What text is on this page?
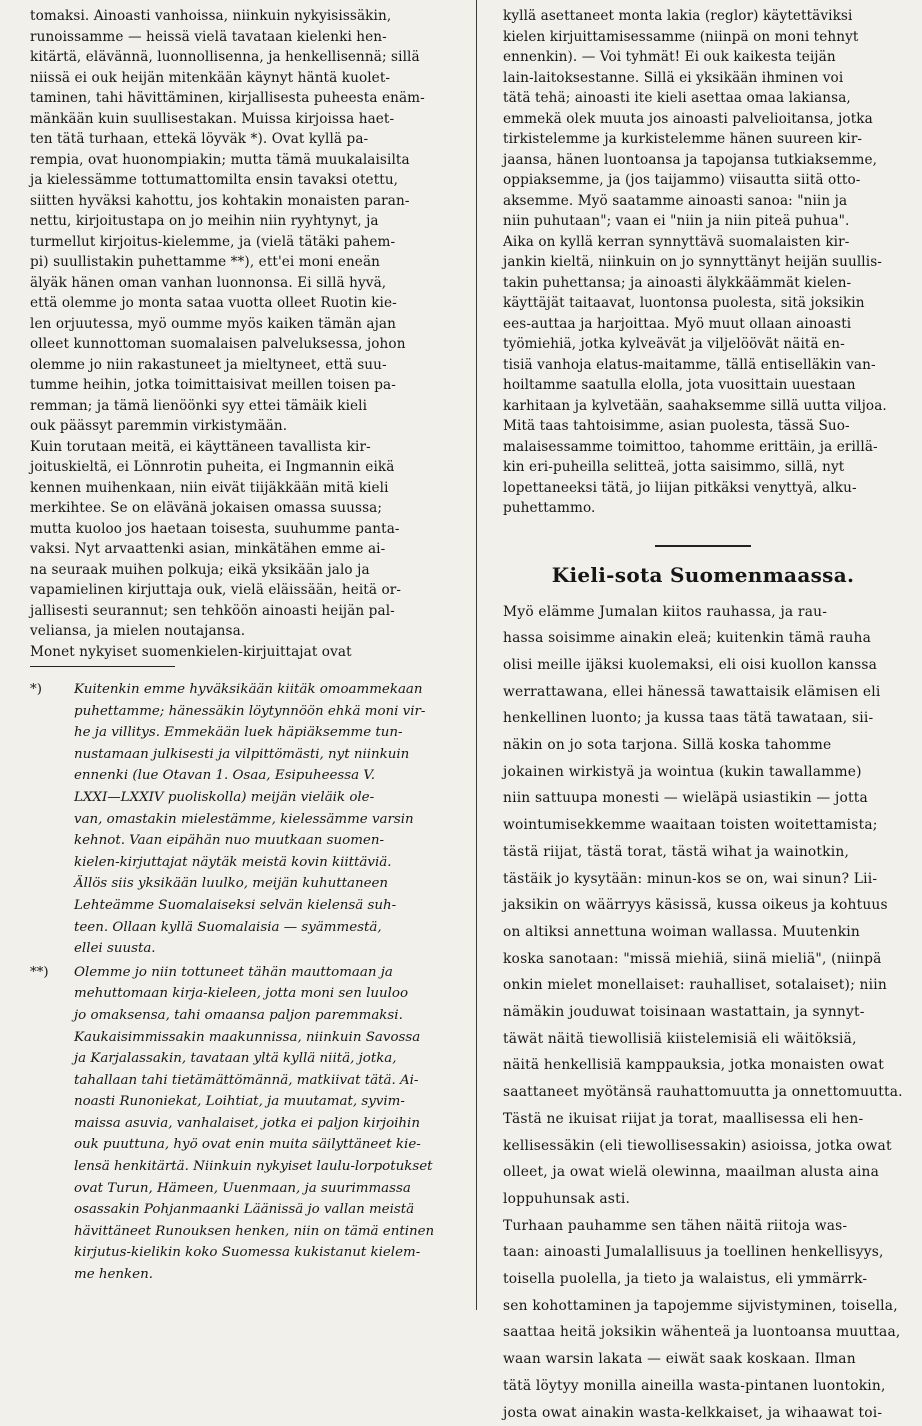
tomaksi. Ainoasti vanhoissa, niinkuin nykyisissäkin,
runoissamme — heissä vielä tavataan kielenki hen-
kitärtä, elävännä, luonnollisenna, ja henkellisennä; sillä
niissä ei ouk heijän mitenkään käynyt häntä kuolet-
taminen, tahi hävittäminen, kirjallisesta puheesta enäm-
mänkään kuin suullisestakan. Muissa kirjoissa haet-
ten tätä turhaan, ettekä löyväk *). Ovat kyllä pa-
rempia, ovat huonompiakin; mutta tämä muukalaisilta
ja kielessämme tottumattomilta ensin tavaksi otettu,
siitten hyväksi kahottu, jos kohtakin monaisten paran-
nettu, kirjoitustapa on jo meihin niin ryyhtynyt, ja
turmellut kirjoitus-kielemme, ja (vielä tätäki pahem-
pi) suullistakin puhettamme **), ett'ei moni eneän
älyäk hänen oman vanhan luonnonsa. Ei sillä hyvä,
että olemme jo monta sataa vuotta olleet Ruotin kie-
len orjuutessa, myö oumme myös kaiken tämän ajan
olleet kunnottoman suomalaisen palveluksessa, johon
olemme jo niin rakastuneet ja mieltyneet, että suu-
tumme heihin, jotka toimittaisivat meillen toisen pa-
remman; ja tämä lienöönki syy ettei tämäik kieli
ouk päässyt paremmin virkistymään.
Kuin torutaan meitä, ei käyttäneen tavallista kir-
joituskieltä, ei Lönnrotin puheita, ei Ingmannin eikä
kennen muihenkaan, niin eivät tiijäkkään mitä kieli
merkihtee. Se on elävänä jokaisen omassa suussa;
mutta kuoloo jos haetaan toisesta, suuhumme panta-
vaksi. Nyt arvaattenki asian, minkätähen emme ai-
na seuraak muihen polkuja; eikä yksikään jalo ja
vapamielinen kirjuttaja ouk, vielä eläissään, heitä or-
jallisesti seurannut; sen tehköön ainoasti heijän pal-
veliansa, ja mielen noutajansa.
Monet nykyiset suomenkielen-kirjuittajat ovat

*)	Kuitenkin emme hyväksikään kiitäk omoammekaan
puhettamme; hänessäkin löytynnöön ehkä moni vir-
he ja villitys. Emmekään luek häpiäksemme tun-
nustamaan julkisesti ja vilpittömästi, nyt niinkuin
ennenki (lue Otavan 1. Osaa, Esipuheessa V.
LXXI—LXXIV puoliskolla) meijän vieläik ole-
van, omastakin mielestämme, kielessämme varsin
kehnot. Vaan eipähän nuo muutkaan suomen-
kielen-kirjuttajat näytäk meistä kovin kiittäviä.
Ällös siis yksikään luulko, meijän kuhuttaneen
Lehteämme Suomalaiseksi selvän kielensä suh-
teen. Ollaan kyllä Suomalaisia — syämmestä,
ellei suusta.

**)	Olemme jo niin tottuneet tähän mauttomaan ja
mehuttomaan kirja-kieleen, jotta moni sen luuloo
jo omaksensa, tahi omaansa paljon paremmaksi.
Kaukaisimmissakin maakunnissa, niinkuin Savossa
ja Karjalassakin, tavataan yltä kyllä niitä, jotka,
tahallaan tahi tietämättömännä, matkiivat tätä. Ai-
noasti Runoniekat, Loihtiat, ja muutamat, syvim-
maissa asuvia, vanhalaiset, jotka ei paljon kirjoihin
ouk puuttuna, hyö ovat enin muita säilyttäneet kie-
lensä henkitärtä. Niinkuin nykyiset laulu-lorpotukset
ovat Turun, Hämeen, Uuenmaan, ja suurimmassa
osassakin Pohjanmaanki Läänissä jo vallan meistä
hävittäneet Runouksen henken, niin on tämä entinen
kirjutus-kielikin koko Suomessa kukistanut kielem-
me henken.

kyllä asettaneet monta lakia (reglor) käytettäviksi
kielen kirjuittamisessamme (niinpä on moni tehnyt
ennenkin). — Voi tyhmät! Ei ouk kaikesta teijän
lain-laitoksestanne. Sillä ei yksikään ihminen voi
tätä tehä; ainoasti ite kieli asettaa omaa lakiansa,
emmekä olek muuta jos ainoasti palvelioitansa, jotka
tirkistelemme ja kurkistelemme hänen suureen kir-
jaansa, hänen luontoansa ja tapojansa tutkiaksemme,
oppiaksemme, ja (jos taijammo) viisautta siitä otto-
aksemme. Myö saatamme ainoasti sanoa: "niin ja
niin puhutaan"; vaan ei "niin ja niin piteä puhua".
Aika on kyllä kerran synnyttävä suomalaisten kir-
jankin kieltä, niinkuin on jo synnyttänyt heijän suullis-
takin puhettansa; ja ainoasti älykkäämmät kielen-
käyttäjät taitaavat, luontonsa puolesta, sitä joksikin
ees-auttaa ja harjoittaa. Myö muut ollaan ainoasti
työmiehiä, jotka kylveävät ja viljelöövät näitä en-
tisiä vanhoja elatus-maitamme, tällä entiselläkin van-
hoiltamme saatulla elolla, jota vuosittain uuestaan
karhitaan ja kylvetään, saahaksemme sillä uutta viljoa.
Mitä taas tahtoisimme, asian puolesta, tässä Suo-
malaisessamme toimittoo, tahomme erittäin, ja erillä-
kin eri-puheilla selitteä, jotta saisimmo, sillä, nyt
lopettaneeksi tätä, jo liijan pitkäksi venyttyä, alku-
puhettammo.

Kieli-sota Suomenmaassa.

Myö elämme Jumalan kiitos rauhassa, ja rau-
hassa soisimme ainakin eleä; kuitenkin tämä rauha
olisi meille ijäksi kuolemaksi, eli oisi kuollon kanssa
werrattawana, ellei hänessä tawattaisik elämisen eli
henkellinen luonto; ja kussa taas tätä tawataan, sii-
näkin on jo sota tarjona. Sillä koska tahomme
jokainen wirkistyä ja wointua (kukin tawallamme)
niin sattuupa monesti — wieläpä usiastikin — jotta
wointumisekkemme waaitaan toisten woitettamista;
tästä riijat, tästä torat, tästä wihat ja wainotkin,
tästäik jo kysytään: minun-kos se on, wai sinun? Lii-
jaksikin on wäärryys käsissä, kussa oikeus ja kohtuus
on altiksi annettuna woiman wallassa. Muutenkin
koska sanotaan: "missä miehiä, siinä mieliä", (niinpä
onkin mielet monellaiset: rauhalliset, sotalaiset); niin
nämäkin jouduwat toisinaan wastattain, ja synnyt-
täwät näitä tiewollisiä kiistelemisiä eli wäitöksiä,
näitä henkellisiä kamppauksia, jotka monaisten owat
saattaneet myötänsä rauhattomuutta ja onnettomuutta.
Tästä ne ikuisat riijat ja torat, maallisessa eli hen-
kellisessäkin (eli tiewollisessakin) asioissa, jotka owat
olleet, ja owat wielä olewinna, maailman alusta aina
loppuhunsak asti.
Turhaan pauhamme sen tähen näitä riitoja was-
taan: ainoasti Jumalallisuus ja toellinen henkellisyys,
toisella puolella, ja tieto ja walaistus, eli ymmärrk-
sen kohottaminen ja tapojemme sijvistyminen, toisella,
saattaa heitä joksikin wähenteä ja luontoansa muuttaa,
waan warsin lakata — eiwät saak koskaan. Ilman
tätä löytyy monilla aineilla wasta-pintanen luontokin,
josta owat ainakin wasta-kelkkaiset, ja wihaawat toi-
